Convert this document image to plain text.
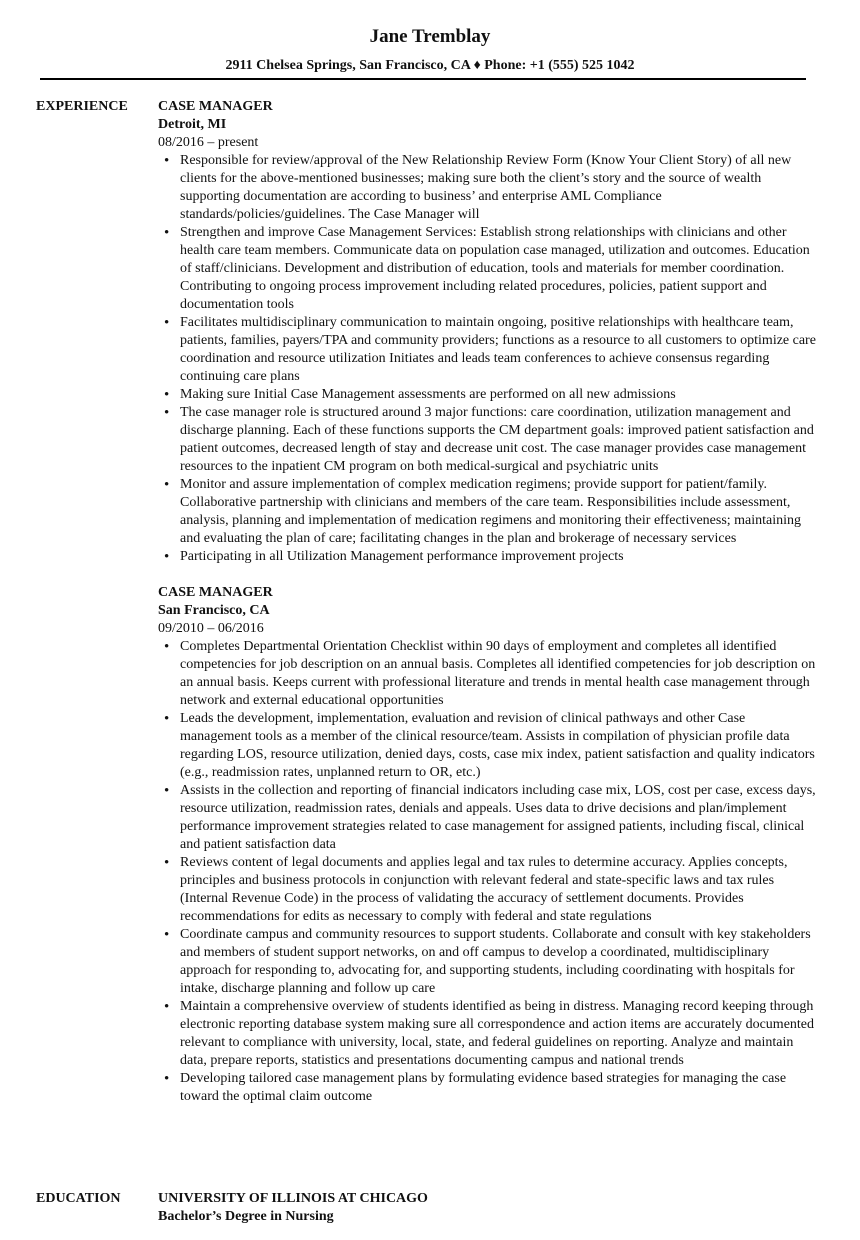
Jane Tremblay
2911 Chelsea Springs, San Francisco, CA ♦ Phone: +1 (555) 525 1042
EXPERIENCE	CASE MANAGER
Detroit, MI
08/2016 – present
• Responsible for review/approval of the New Relationship Review Form (Know Your Client Story) of all new clients for the above-mentioned businesses; making sure both the client’s story and the source of wealth supporting documentation are according to business’ and enterprise AML Compliance standards/policies/guidelines. The Case Manager will
• Strengthen and improve Case Management Services: Establish strong relationships with clinicians and other health care team members. Communicate data on population case managed, utilization and outcomes. Education of staff/clinicians. Development and distribution of education, tools and materials for member coordination. Contributing to ongoing process improvement including related procedures, policies, patient support and documentation tools
• Facilitates multidisciplinary communication to maintain ongoing, positive relationships with healthcare team, patients, families, payers/TPA and community providers; functions as a resource to all customers to optimize care coordination and resource utilization Initiates and leads team conferences to achieve consensus regarding continuing care plans
• Making sure Initial Case Management assessments are performed on all new admissions
• The case manager role is structured around 3 major functions: care coordination, utilization management and discharge planning. Each of these functions supports the CM department goals: improved patient satisfaction and patient outcomes, decreased length of stay and decrease unit cost. The case manager provides case management resources to the inpatient CM program on both medical-surgical and psychiatric units
• Monitor and assure implementation of complex medication regimens; provide support for patient/family. Collaborative partnership with clinicians and members of the care team. Responsibilities include assessment, analysis, planning and implementation of medication regimens and monitoring their effectiveness; maintaining and evaluating the plan of care; facilitating changes in the plan and brokerage of necessary services
• Participating in all Utilization Management performance improvement projects
CASE MANAGER
San Francisco, CA
09/2010 – 06/2016
• Completes Departmental Orientation Checklist within 90 days of employment and completes all identified competencies for job description on an annual basis. Completes all identified competencies for job description on an annual basis. Keeps current with professional literature and trends in mental health case management through network and external educational opportunities
• Leads the development, implementation, evaluation and revision of clinical pathways and other Case management tools as a member of the clinical resource/team. Assists in compilation of physician profile data regarding LOS, resource utilization, denied days, costs, case mix index, patient satisfaction and quality indicators (e.g., readmission rates, unplanned return to OR, etc.)
• Assists in the collection and reporting of financial indicators including case mix, LOS, cost per case, excess days, resource utilization, readmission rates, denials and appeals. Uses data to drive decisions and plan/implement performance improvement strategies related to case management for assigned patients, including fiscal, clinical and patient satisfaction data
• Reviews content of legal documents and applies legal and tax rules to determine accuracy. Applies concepts, principles and business protocols in conjunction with relevant federal and state-specific laws and tax rules (Internal Revenue Code) in the process of validating the accuracy of settlement documents. Provides recommendations for edits as necessary to comply with federal and state regulations
• Coordinate campus and community resources to support students. Collaborate and consult with key stakeholders and members of student support networks, on and off campus to develop a coordinated, multidisciplinary approach for responding to, advocating for, and supporting students, including coordinating with hospitals for intake, discharge planning and follow up care
• Maintain a comprehensive overview of students identified as being in distress. Managing record keeping through electronic reporting database system making sure all correspondence and action items are accurately documented relevant to compliance with university, local, state, and federal guidelines on reporting. Analyze and maintain data, prepare reports, statistics and presentations documenting campus and national trends
• Developing tailored case management plans by formulating evidence based strategies for managing the case toward the optimal claim outcome
EDUCATION	UNIVERSITY OF ILLINOIS AT CHICAGO
Bachelor’s Degree in Nursing
